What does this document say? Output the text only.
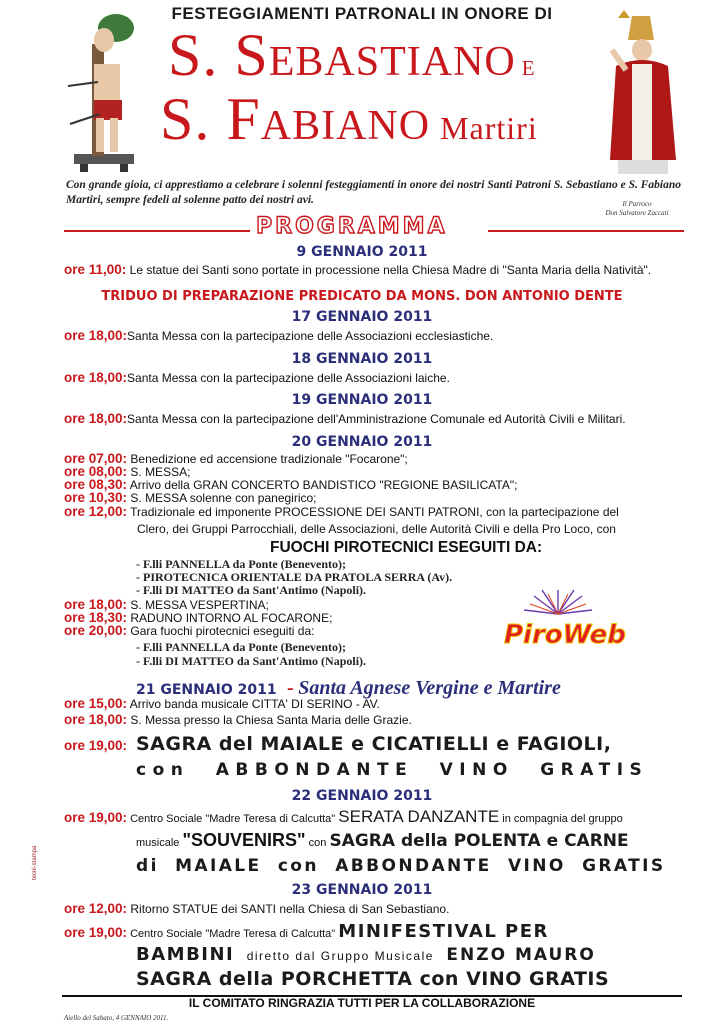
FESTEGGIAMENTI PATRONALI IN ONORE DI
S. Sebastiano e
S. Fabiano Martiri
Con grande gioia, ci apprestiamo a celebrare i solenni festeggiamenti in onore dei nostri Santi Patroni S. Sebastiano e S. Fabiano Martiri, sempre fedeli al solenne patto dei nostri avi.	Il Parroco
Don Salvatore Zaccati
PROGRAMMA
9 GENNAIO 2011
ore 11,00: Le statue dei Santi sono portate in processione nella Chiesa Madre di "Santa Maria della Natività".
TRIDUO DI PREPARAZIONE PREDICATO DA MONS. DON ANTONIO DENTE
17 GENNAIO 2011
ore 18,00:Santa Messa con la partecipazione delle Associazioni ecclesiastiche.
18 GENNAIO 2011
ore 18,00:Santa Messa con la partecipazione delle Associazioni laiche.
19 GENNAIO 2011
ore 18,00:Santa Messa con la partecipazione dell'Amministrazione Comunale ed Autorità Civili e Militari.
20 GENNAIO 2011
ore 07,00: Benedizione ed accensione tradizionale "Focarone";
ore 08,00: S. MESSA;
ore 08,30: Arrivo della GRAN CONCERTO BANDISTICO "REGIONE BASILICATA";
ore 10,30: S. MESSA solenne con panegirico;
ore 12,00: Tradizionale ed imponente PROCESSIONE DEI SANTI PATRONI, con la partecipazione del
Clero, dei Gruppi Parrocchiali, delle Associazioni, delle Autorità Civili e della Pro Loco, con
FUOCHI PIROTECNICI ESEGUITI DA:
- F.lli PANNELLA da Ponte (Benevento);
- PIROTECNICA ORIENTALE DA PRATOLA SERRA (Av).
- F.lli DI MATTEO da Sant'Antimo (Napoli).
ore 18,00: S. MESSA VESPERTINA;
ore 18,30: RADUNO INTORNO AL FOCARONE;
ore 20,00: Gara fuochi pirotecnici eseguiti da:
- F.lli PANNELLA da Ponte (Benevento);
- F.lli DI MATTEO da Sant'Antimo (Napoli).
PiroWeb
21 GENNAIO 2011 - Santa Agnese Vergine e Martire
ore 15,00: Arrivo banda musicale CITTA' DI SERINO - AV.
ore 18,00: S. Messa presso la Chiesa Santa Maria delle Grazie.
ore 19,00: SAGRA del MAIALE e CICATIELLI e FAGIOLI,
con ABBONDANTE VINO GRATIS
22 GENNAIO 2011
ore 19,00: Centro Sociale "Madre Teresa di Calcutta" SERATA DANZANTE in compagnia del gruppo
musicale "SOUVENIRS" con SAGRA della POLENTA e CARNE
di MAIALE con ABBONDANTE VINO GRATIS
23 GENNAIO 2011
ore 12,00: Ritorno STATUE dei SANTI nella Chiesa di San Sebastiano.
ore 19,00: Centro Sociale "Madre Teresa di Calcutta" MINIFESTIVAL PER
BAMBINI diretto dal Gruppo Musicale ENZO MAURO
SAGRA della PORCHETTA con VINO GRATIS
IL COMITATO RINGRAZIA TUTTI PER LA COLLABORAZIONE
Aiello del Sabato, 4 GENNAIO 2011.
tecni-stampa
